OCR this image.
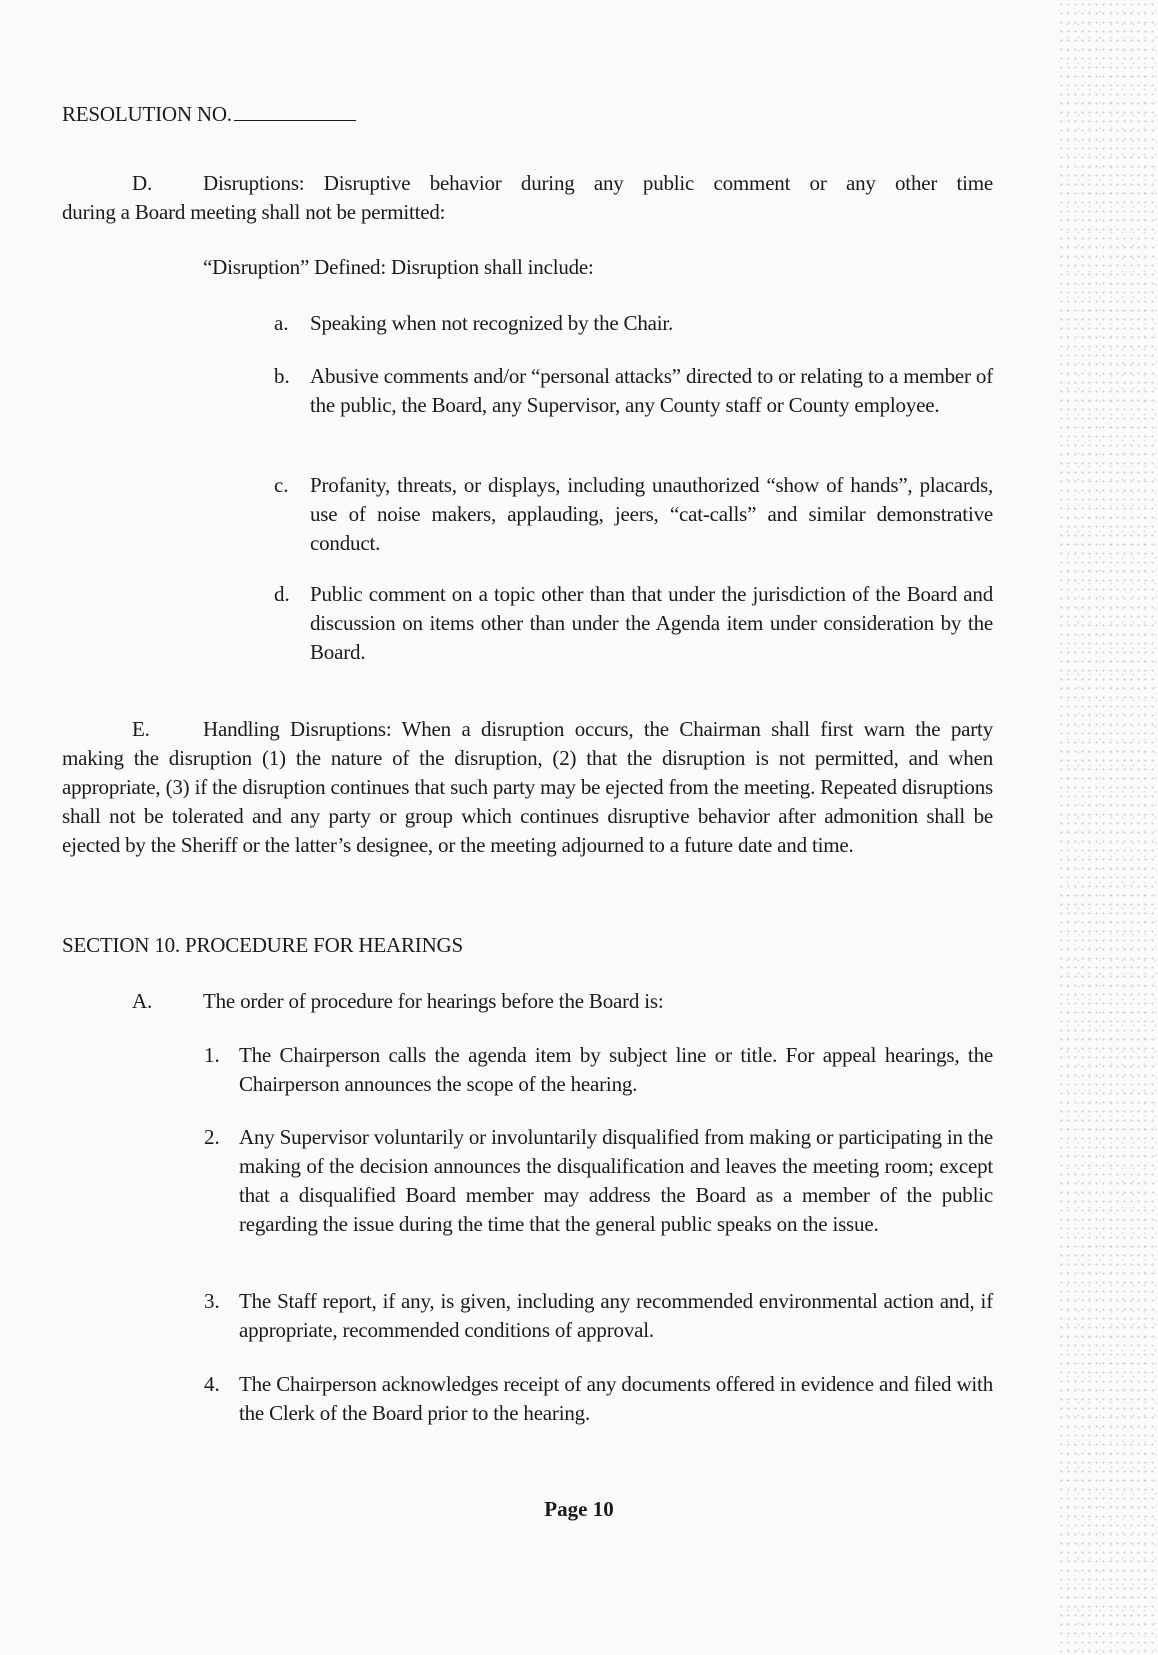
RESOLUTION NO.
D. Disruptions: Disruptive behavior during any public comment or any other time
during a Board meeting shall not be permitted:
“Disruption” Defined: Disruption shall include:
a. Speaking when not recognized by the Chair.
b. Abusive comments and/or “personal attacks” directed to or relating to a member of the public, the Board, any Supervisor, any County staff or County employee.
c. Profanity, threats, or displays, including unauthorized “show of hands”, placards, use of noise makers, applauding, jeers, “cat-calls” and similar demonstrative conduct.
d. Public comment on a topic other than that under the jurisdiction of the Board and discussion on items other than under the Agenda item under consideration by the Board.
E.	Handling Disruptions: When a disruption occurs, the Chairman shall first warn the party making the disruption (1) the nature of the disruption, (2) that the disruption is not permitted, and when appropriate, (3) if the disruption continues that such party may be ejected from the meeting. Repeated disruptions shall not be tolerated and any party or group which continues disruptive behavior after admonition shall be ejected by the Sheriff or the latter’s designee, or the meeting adjourned to a future date and time.
SECTION 10. PROCEDURE FOR HEARINGS
A. The order of procedure for hearings before the Board is:
1. The Chairperson calls the agenda item by subject line or title. For appeal hearings, the Chairperson announces the scope of the hearing.
2. Any Supervisor voluntarily or involuntarily disqualified from making or participating in the making of the decision announces the disqualification and leaves the meeting room; except that a disqualified Board member may address the Board as a member of the public regarding the issue during the time that the general public speaks on the issue.
3. The Staff report, if any, is given, including any recommended environmental action and, if appropriate, recommended conditions of approval.
4. The Chairperson acknowledges receipt of any documents offered in evidence and filed with the Clerk of the Board prior to the hearing.
Page 10
